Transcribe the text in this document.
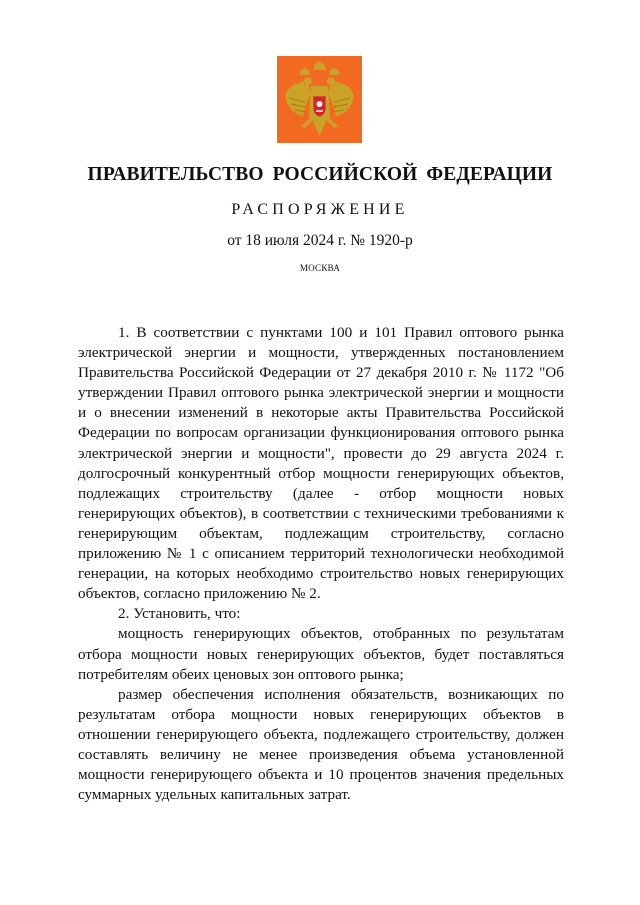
ПРАВИТЕЛЬСТВО РОССИЙСКОЙ ФЕДЕРАЦИИ
РАСПОРЯЖЕНИЕ
от 18 июля 2024 г. № 1920-р
МОСКВА

1. В соответствии с пунктами 100 и 101 Правил оптового рынка электрической энергии и мощности, утвержденных постановлением Правительства Российской Федерации от 27 декабря 2010 г. № 1172 "Об утверждении Правил оптового рынка электрической энергии и мощности и о внесении изменений в некоторые акты Правительства Российской Федерации по вопросам организации функционирования оптового рынка электрической энергии и мощности", провести до 29 августа 2024 г. долгосрочный конкурентный отбор мощности генерирующих объектов, подлежащих строительству (далее - отбор мощности новых генерирующих объектов), в соответствии с техническими требованиями к генерирующим объектам, подлежащим строительству, согласно приложению № 1 с описанием территорий технологически необходимой генерации, на которых необходимо строительство новых генерирующих объектов, согласно приложению № 2.

2. Установить, что:

мощность генерирующих объектов, отобранных по результатам отбора мощности новых генерирующих объектов, будет поставляться потребителям обеих ценовых зон оптового рынка;

размер обеспечения исполнения обязательств, возникающих по результатам отбора мощности новых генерирующих объектов в отношении генерирующего объекта, подлежащего строительству, должен составлять величину не менее произведения объема установленной мощности генерирующего объекта и 10 процентов значения предельных суммарных удельных капитальных затрат.
